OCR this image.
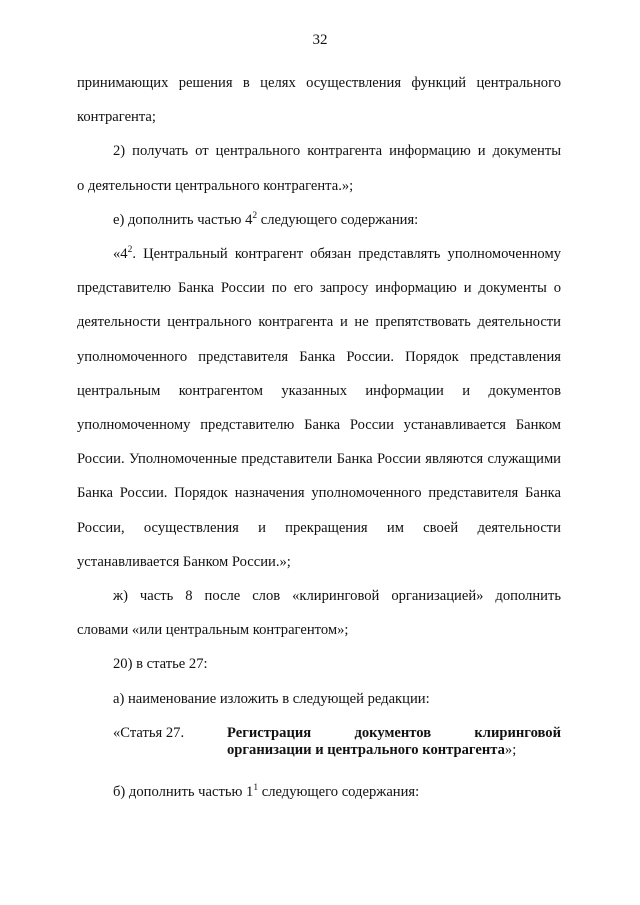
32

принимающих решения в целях осуществления функций центрального

контрагента;

2) получать от центрального контрагента информацию и документы

о деятельности центрального контрагента.»;

е) дополнить частью $4^2$ следующего содержания:

«$4^2$. Центральный контрагент обязан представлять уполномоченному представителю Банка России по его запросу информацию и документы о деятельности центрального контрагента и не препятствовать деятельности уполномоченного представителя Банка России. Порядок представления центральным контрагентом указанных информации и документов уполномоченному представителю Банка России устанавливается Банком России. Уполномоченные представители Банка России являются служащими Банка России. Порядок назначения уполномоченного представителя Банка России, осуществления и прекращения им своей деятельности устанавливается Банком России.»;

ж) часть 8 после слов «клиринговой организацией» дополнить

словами «или центральным контрагентом»;

20) в статье 27:

а) наименование изложить в следующей редакции:

«Статья 27.	Регистрация документов клиринговой
организации и центрального контрагента»;

б) дополнить частью $1^1$ следующего содержания:
